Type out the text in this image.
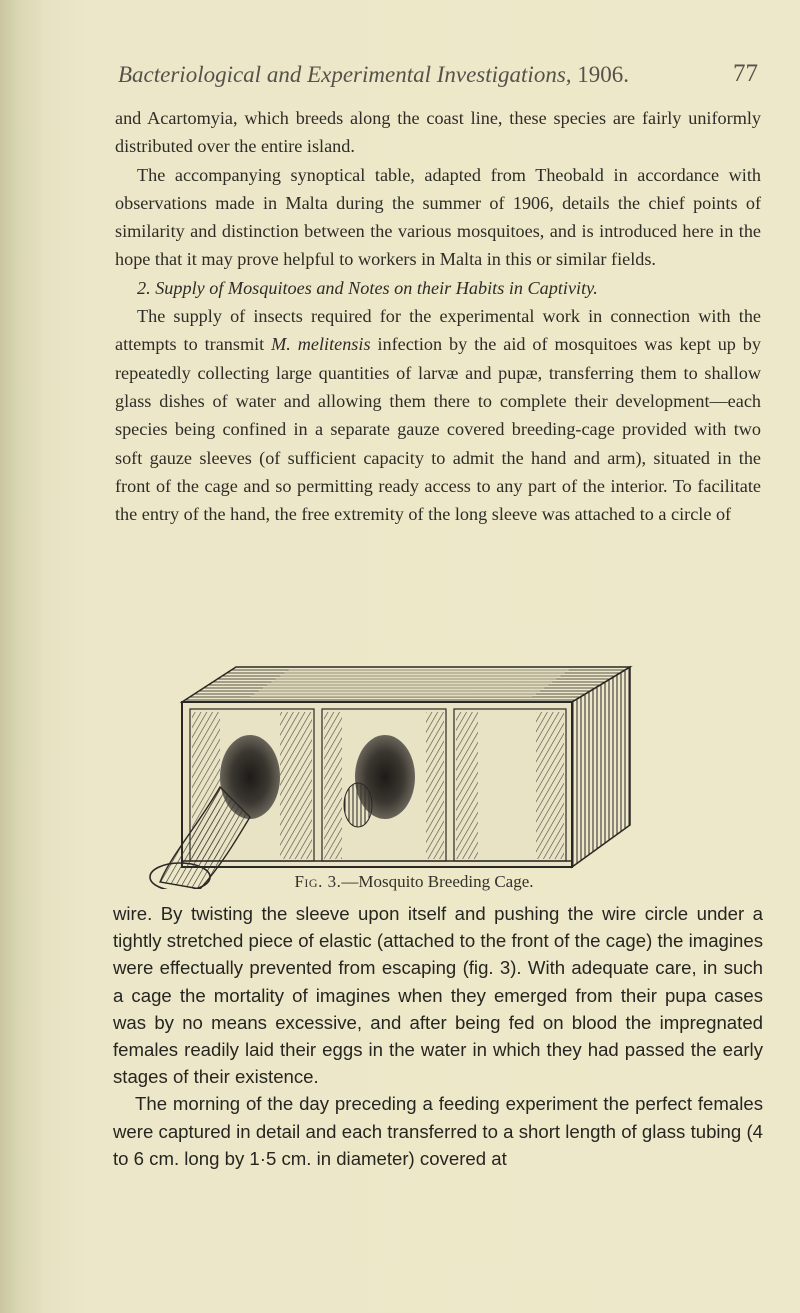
Bacteriological and Experimental Investigations, 1906.	77

and Acartomyia, which breeds along the coast line, these species are fairly uniformly distributed over the entire island.

The accompanying synoptical table, adapted from Theobald in accordance with observations made in Malta during the summer of 1906, details the chief points of similarity and distinction between the various mosquitoes, and is introduced here in the hope that it may prove helpful to workers in Malta in this or similar fields.

2. Supply of Mosquitoes and Notes on their Habits in Captivity.

The supply of insects required for the experimental work in connection with the attempts to transmit M. melitensis infection by the aid of mosquitoes was kept up by repeatedly collecting large quantities of larvæ and pupæ, transferring them to shallow glass dishes of water and allowing them there to complete their development—each species being confined in a separate gauze covered breeding-cage provided with two soft gauze sleeves (of sufficient capacity to admit the hand and arm), situated in the front of the cage and so permitting ready access to any part of the interior. To facilitate the entry of the hand, the free extremity of the long sleeve was attached to a circle of

Fig. 3.—Mosquito Breeding Cage.

wire. By twisting the sleeve upon itself and pushing the wire circle under a tightly stretched piece of elastic (attached to the front of the cage) the imagines were effectually prevented from escaping (fig. 3). With adequate care, in such a cage the mortality of imagines when they emerged from their pupa cases was by no means excessive, and after being fed on blood the impregnated females readily laid their eggs in the water in which they had passed the early stages of their existence.

The morning of the day preceding a feeding experiment the perfect females were captured in detail and each transferred to a short length of glass tubing (4 to 6 cm. long by 1·5 cm. in diameter) covered at
